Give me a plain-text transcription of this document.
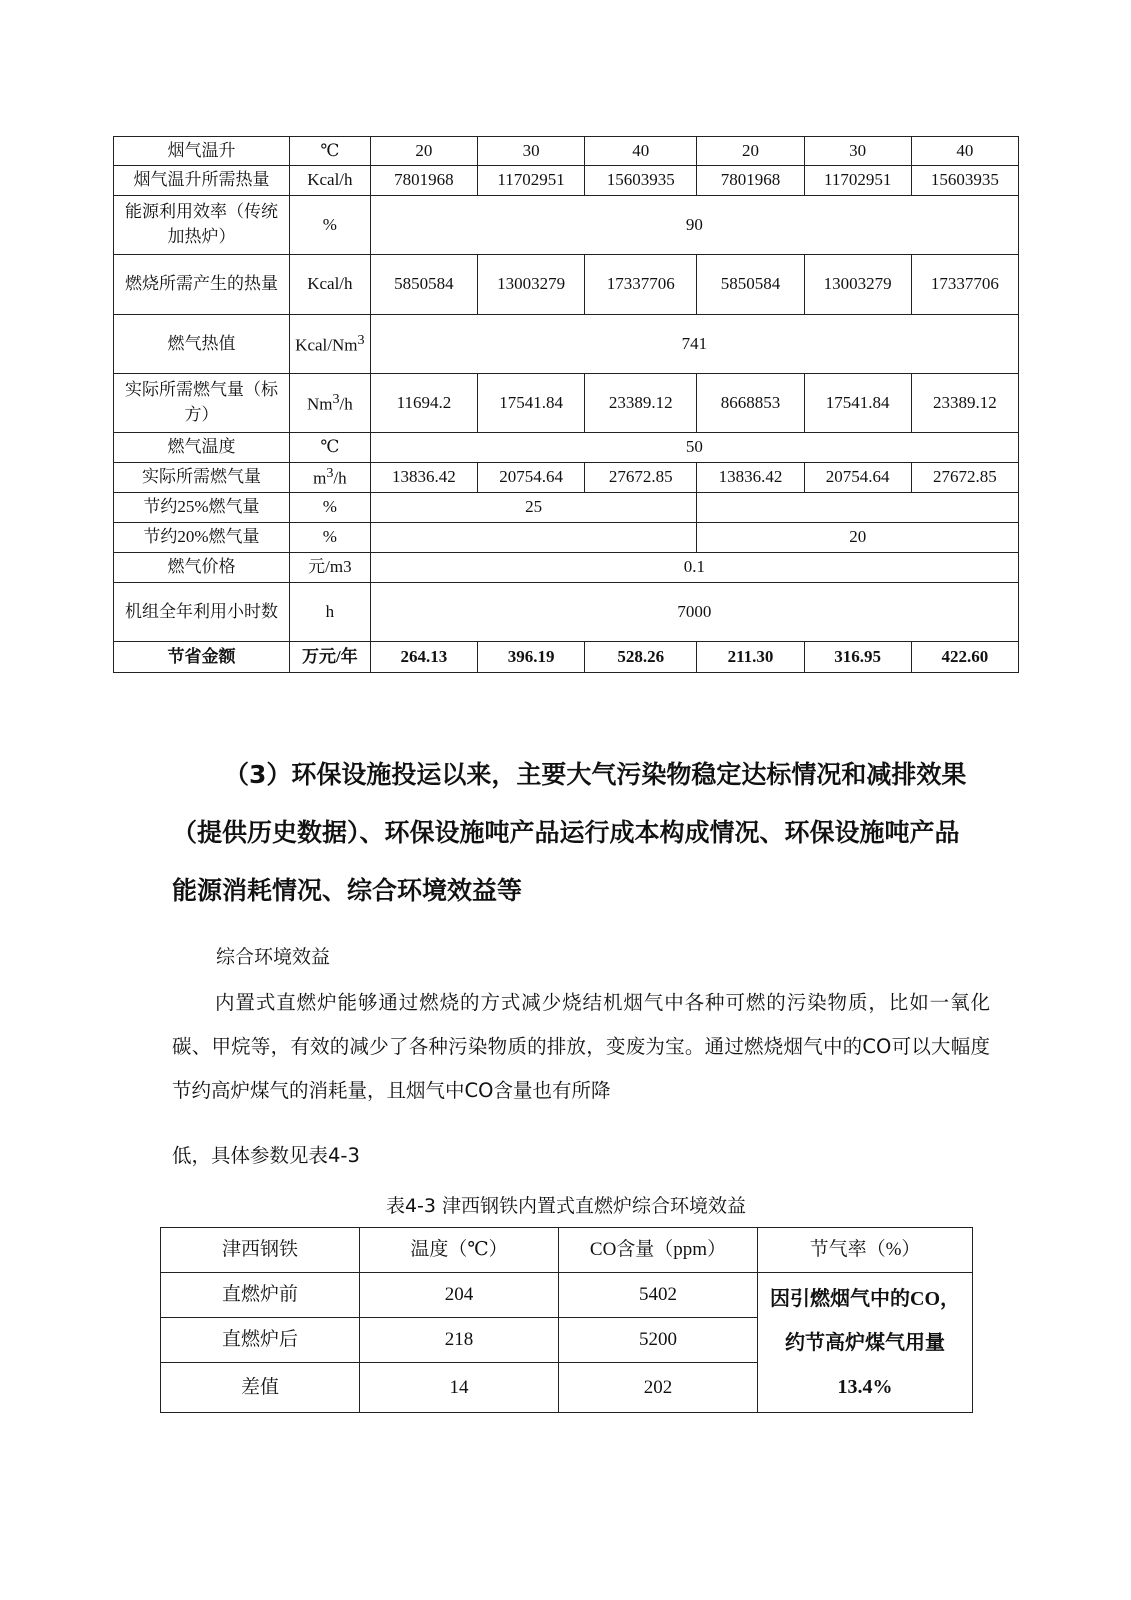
烟气温升	℃	20	30	40	20	30	40
烟气温升所需热量	Kcal/h	7801968	11702951	15603935	7801968	11702951	15603935
能源利用效率（传统加热炉）	%	90					
燃烧所需产生的热量	Kcal/h	5850584	13003279	17337706	5850584	13003279	17337706
燃气热值	Kcal/Nm$^3$	741					
实际所需燃气量（标方）	Nm$^3$/h	11694.2	17541.84	23389.12	8668853	17541.84	23389.12
燃气温度	℃	50					
实际所需燃气量	$m^3/h$	13836.42	20754.64	27672.85	13836.42	20754.64	27672.85
节约25%燃气量	%	25					
节约20%燃气量	%				20		
燃气价格	元/m3	0.1					
机组全年利用小时数	h	7000					
节省金额	万元/年	264.13	396.19	528.26	211.30	316.95	422.60

（3）环保设施投运以来，主要大气污染物稳定达标情况和减排效果（提供历史数据）、环保设施吨产品运行成本构成情况、环保设施吨产品能源消耗情况、综合环境效益等

综合环境效益

内置式直燃炉能够通过燃烧的方式减少烧结机烟气中各种可燃的污染物质，比如一氧化碳、甲烷等，有效的减少了各种污染物质的排放，变废为宝。通过燃烧烟气中的CO可以大幅度节约高炉煤气的消耗量，且烟气中CO含量也有所降

低，具体参数见表4-3

表4-3 津西钢铁内置式直燃炉综合环境效益

津西钢铁	温度（℃）	CO含量（ppm）	节气率（%）
直燃炉前	204	5402	因引燃烟气中的CO，约节高炉煤气用量13.4%
直燃炉后	218	5200	
差值	14	202	
